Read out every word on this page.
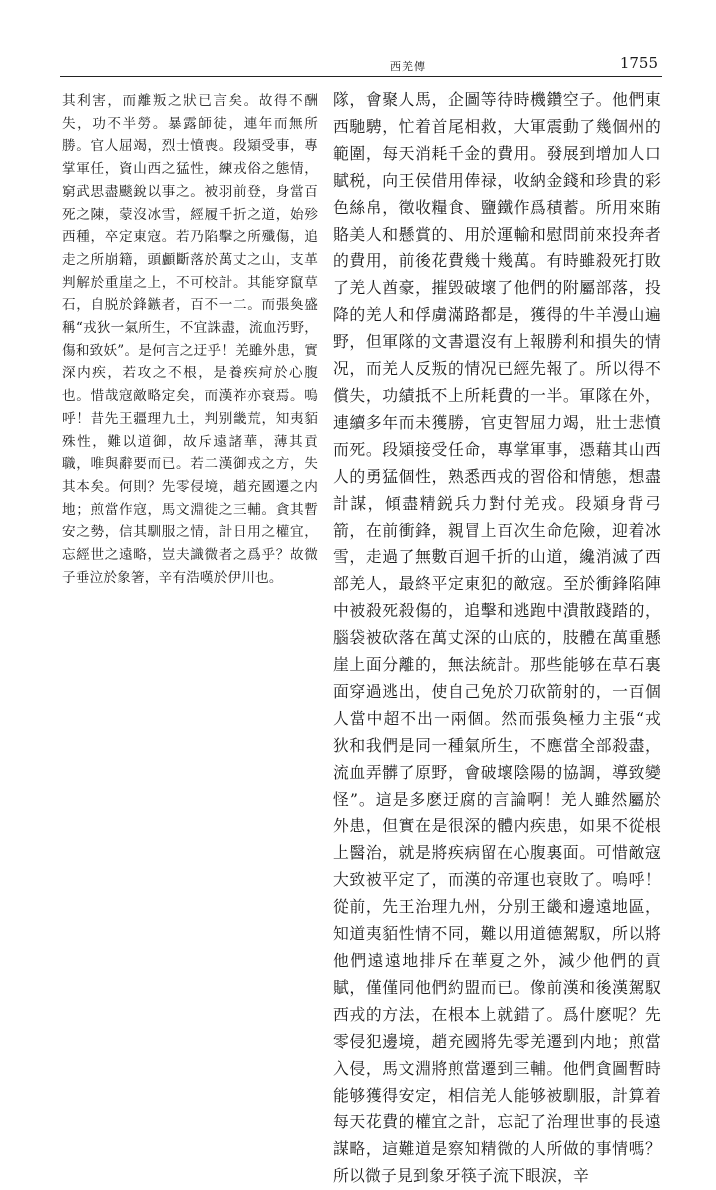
西羌傳	1755

其利害，而離叛之狀已言矣。故得不酬失，功不半勞。暴露師徒，連年而無所勝。官人屈竭，烈士憤喪。段熲受事，專掌軍任，資山西之猛性，練戎俗之態情，窮武思盡颷銳以事之。被羽前登，身當百死之陳，蒙沒冰雪，經履千折之道，始殄西種，卒定東寇。若乃陷擊之所殲傷，追走之所崩籍，頭顱斷落於萬丈之山，支革判解於重崖之上，不可校計。其能穿竄草石，自脱於鋒鏃者，百不一二。而張奐盛稱“戎狄一氣所生，不宜誅盡，流血汚野，傷和致妖”。是何言之迂乎！羌雖外患，實深内疾，若攻之不根，是養疾疴於心腹也。惜哉寇敵略定矣，而漢祚亦衰焉。嗚呼！昔先王疆理九土，判别畿荒，知夷貊殊性，難以道御，故斥遠諸華，薄其貢職，唯與辭要而已。若二漢御戎之方，失其本矣。何則？先零侵境，趙充國遷之内地；煎當作寇，馬文淵徙之三輔。貪其暫安之勢，信其馴服之情，計日用之權宜，忘經世之遠略，豈夫識微者之爲乎？故微子垂泣於象箸，辛有浩嘆於伊川也。

隊，會聚人馬，企圖等待時機鑽空子。他們東西馳騁，忙着首尾相救，大軍震動了幾個州的範圍，每天消耗千金的費用。發展到增加人口賦税，向王侯借用俸禄，收納金錢和珍貴的彩色絲帛，徵收糧食、鹽鐵作爲積蓄。所用來賄賂美人和懸賞的、用於運輸和慰問前來投奔者的費用，前後花費幾十幾萬。有時雖殺死打敗了羌人酋豪，摧毁破壞了他們的附屬部落，投降的羌人和俘虜滿路都是，獲得的牛羊漫山遍野，但軍隊的文書還沒有上報勝利和損失的情况，而羌人反叛的情况已經先報了。所以得不償失，功績抵不上所耗費的一半。軍隊在外，連續多年而未獲勝，官吏智屈力竭，壯士悲憤而死。段熲接受任命，專掌軍事，憑藉其山西人的勇猛個性，熟悉西戎的習俗和情態，想盡計謀，傾盡精鋭兵力對付羌戎。段熲身背弓箭，在前衝鋒，親冒上百次生命危險，迎着冰雪，走過了無數百迴千折的山道，纔消滅了西部羌人，最終平定東犯的敵寇。至於衝鋒陷陣中被殺死殺傷的，追擊和逃跑中潰散踐踏的，腦袋被砍落在萬丈深的山底的，肢體在萬重懸崖上面分離的，無法統計。那些能够在草石裏面穿過逃出，使自己免於刀砍箭射的，一百個人當中超不出一兩個。然而張奐極力主張“戎狄和我們是同一種氣所生，不應當全部殺盡，流血弄髒了原野，會破壞陰陽的協調，導致變怪”。這是多麽迂腐的言論啊！羌人雖然屬於外患，但實在是很深的體内疾患，如果不從根上醫治，就是將疾病留在心腹裏面。可惜敵寇大致被平定了，而漢的帝運也衰敗了。嗚呼！從前，先王治理九州，分别王畿和邊遠地區，知道夷貊性情不同，難以用道德駕馭，所以將他們遠遠地排斥在華夏之外，減少他們的貢賦，僅僅同他們約盟而已。像前漢和後漢駕馭西戎的方法，在根本上就錯了。爲什麽呢？先零侵犯邊境，趙充國將先零羌遷到内地；煎當入侵，馬文淵將煎當遷到三輔。他們貪圖暫時能够獲得安定，相信羌人能够被馴服，計算着每天花費的權宜之計，忘記了治理世事的長遠謀略，這難道是察知精微的人所做的事情嗎？所以微子見到象牙筷子流下眼淚，辛
